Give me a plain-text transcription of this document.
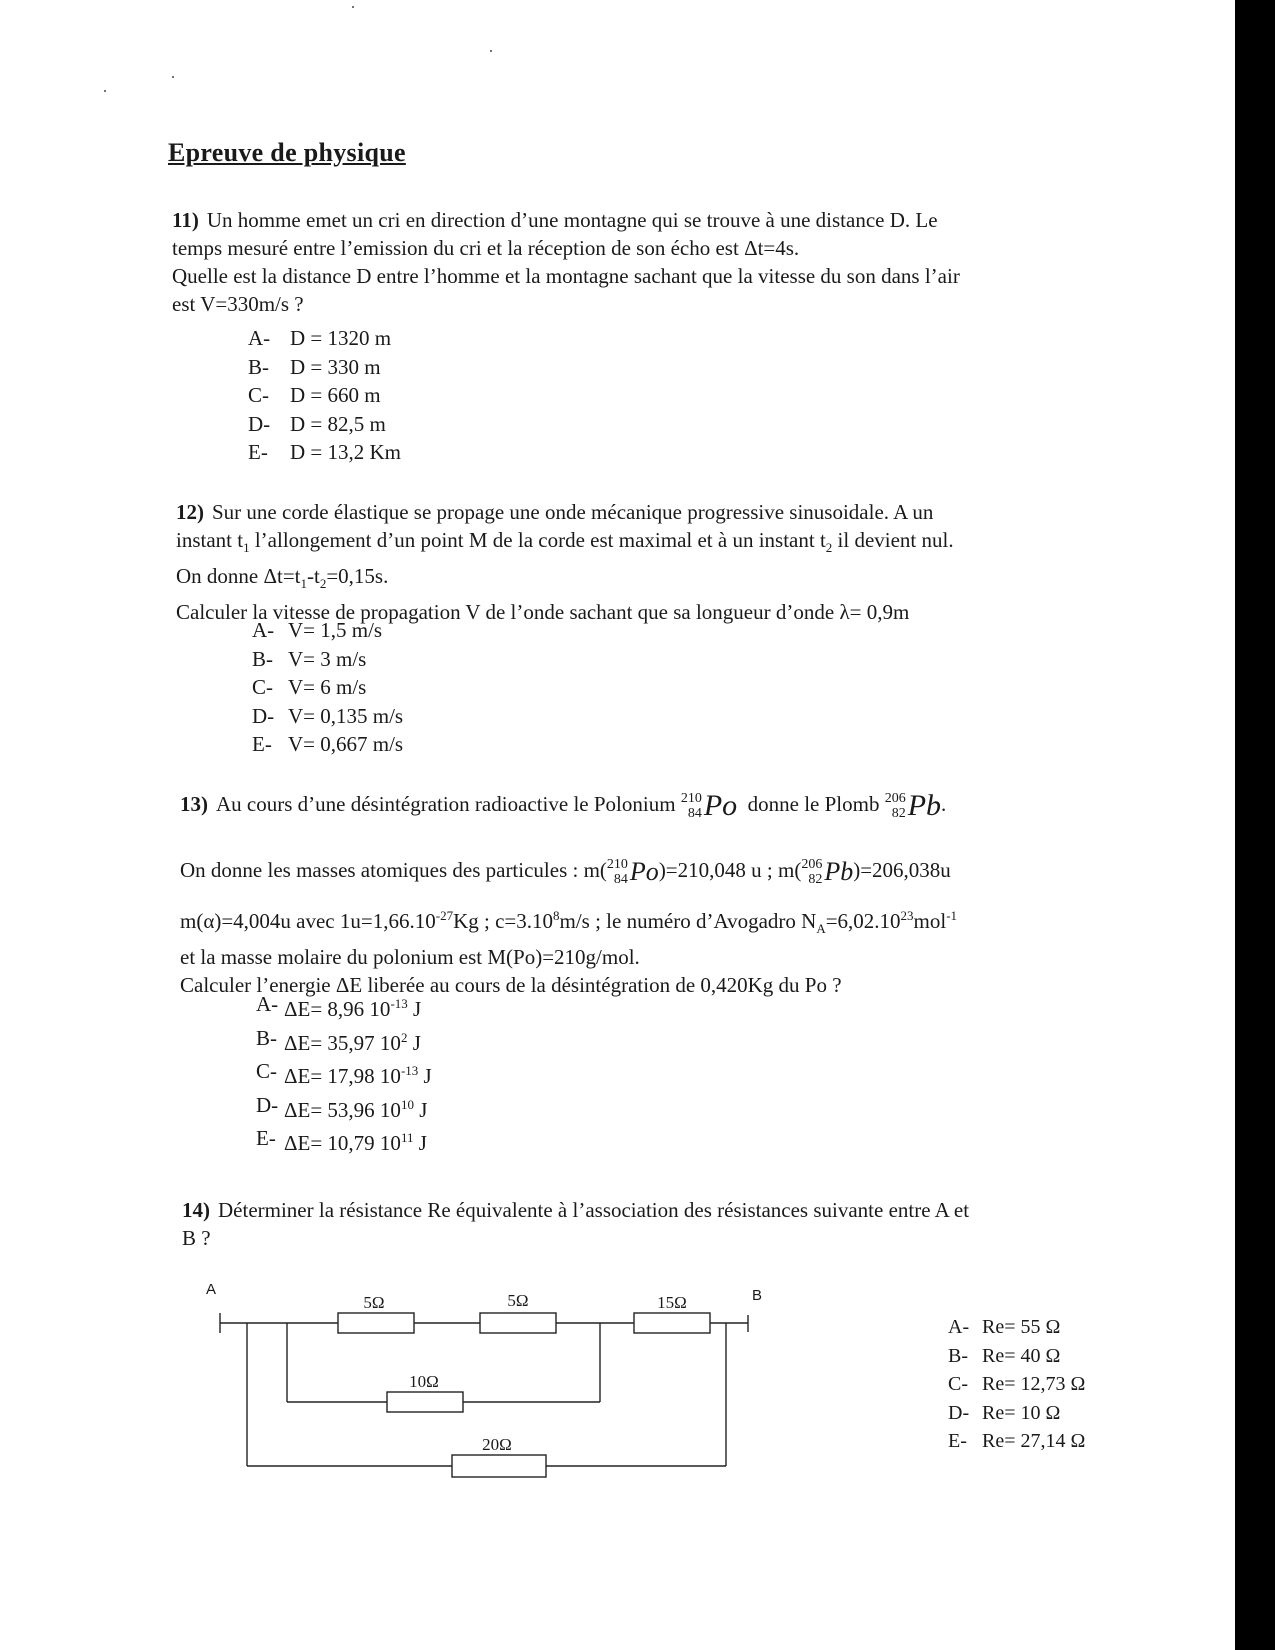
Epreuve de physique
11) Un homme emet un cri en direction d’une montagne qui se trouve à une distance D. Le
temps mesuré entre l’emission du cri et la réception de son écho est Δt=4s.
Quelle est la distance D entre l’homme et la montagne sachant que la vitesse du son dans l’air
est V=330m/s ?
A- D = 1320 m
B-	D = 330 m
C-	D = 660 m
D- D = 82,5 m
E-	D = 13,2 Km
12) Sur une corde élastique se propage une onde mécanique progressive sinusoidale. A un
instant $t_1$ l’allongement d’un point M de la corde est maximal et à un instant $t_2$ il devient nul.
On donne $\Delta t=t_1-t_2=0,15s$.
Calculer la vitesse de propagation V de l’onde sachant que sa longueur d’onde λ= 0,9m
A- V= 1,5 m/s
B- V= 3 m/s
C- V= 6 m/s
D- V= 0,135 m/s
E- V= 0,667 m/s
13) Au cours d’une désintégration radioactive le Polonium 210
84 Po donne le Plomb 206
82 Pb .
On donne les masses atomiques des particules : m( 210
84 Po )=210,048 u ; m( 206
82 Pb )=206,038u
m(α)=4,004u avec $1u=1,66.10^{-27}Kg$ ; $c=3.10^8m/s$ ; le numéro d’Avogadro $N_A=6,02.10^{23}mol^{-1}$
et la masse molaire du polonium est M(Po)=210g/mol.
Calculer l’energie ΔE liberée au cours de la désintégration de 0,420Kg du Po ?
A- ΔE= 8,96 $10^{-13}$ J
B- ΔE= 35,97 $10^2$ J
C- ΔE= 17,98 $10^{-13}$ J
D- ΔE= 53,96 $10^{10}$ J
E- ΔE= 10,79 $10^{11}$ J
14) Déterminer la résistance Re équivalente à l’association des résistances suivante entre A et
B ?
A	B
5Ω	5Ω	15Ω
10Ω
20Ω
A- Re= 55 Ω
B- Re= 40 Ω
C- Re= 12,73 Ω
D- Re= 10 Ω
E- Re= 27,14 Ω
